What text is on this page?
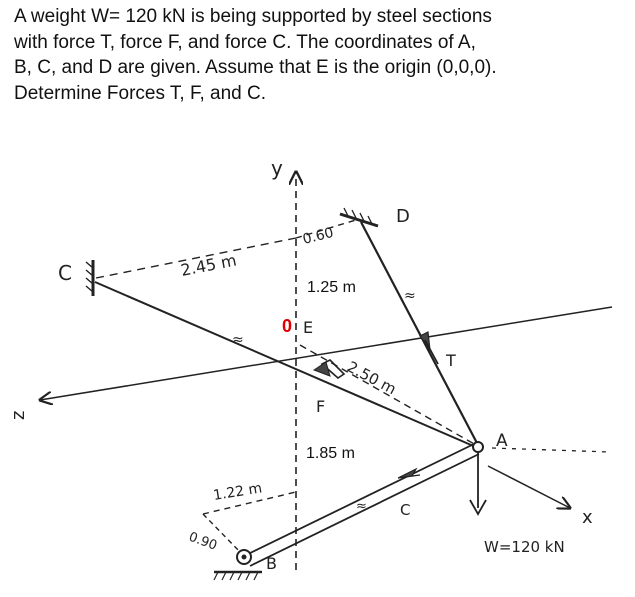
A weight W= 120 kN is being supported by steel sections
with force T, force F, and force C. The coordinates of A,
B, C, and D are given. Assume that E is the origin (0,0,0).
Determine Forces T, F, and C.
y
z
x
C	2.45 m
D
0.60
1.25 m
0 E
≈
2.50 m
F
≈
T
A
W=120 kN
≈ C
1.85 m
1.22 m
0.90
B
